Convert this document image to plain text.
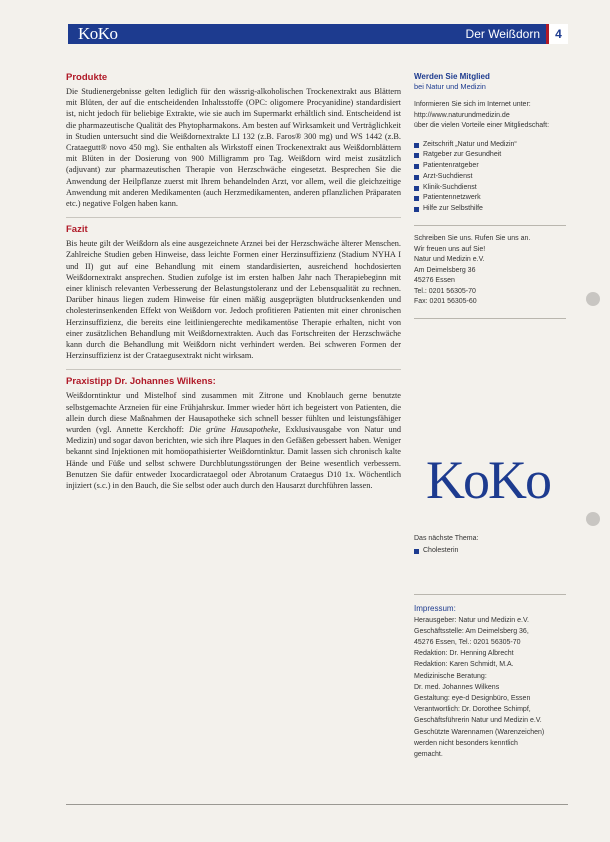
KoKo	Der Weißdorn	4
Produkte

Die Studienergebnisse gelten lediglich für den wässrig-alkoholischen Trockenextrakt aus Blättern mit Blüten, der auf die entscheidenden Inhaltsstoffe (OPC: oligomere Procyanidine) standardisiert ist, nicht jedoch für beliebige Extrakte, wie sie auch im Supermarkt erhältlich sind. Entscheidend ist die pharmazeutische Qualität des Phytopharmakons. Am besten auf Wirksamkeit und Verträglichkeit in Studien untersucht sind die Weißdornextrakte LI 132 (z.B. Faros® 300 mg) und WS 1442 (z.B. Crataegutt® novo 450 mg). Sie enthalten als Wirkstoff einen Trockenextrakt aus Weißdornblättern mit Blüten in der Dosierung von 900 Milligramm pro Tag. Weißdorn wird meist zusätzlich (adjuvant) zur pharmazeutischen Therapie von Herzschwäche eingesetzt. Besprechen Sie die Anwendung der Heilpflanze zuerst mit Ihrem behandelnden Arzt, vor allem, weil die gleichzeitige Anwendung mit anderen Medikamenten (auch Herzmedikamenten, anderen pflanzlichen Präparaten etc.) negative Folgen haben kann.

Fazit

Bis heute gilt der Weißdorn als eine ausgezeichnete Arznei bei der Herzschwäche älterer Menschen. Zahlreiche Studien geben Hinweise, dass leichte Formen einer Herzinsuffizienz (Stadium NYHA I und II) gut auf eine Behandlung mit einem standardisierten, ausreichend hochdosierten Weißdornextrakt ansprechen. Studien zufolge ist im ersten halben Jahr nach Therapiebeginn mit einer klinisch relevanten Verbesserung der Belastungstoleranz und der Lebensqualität zu rechnen. Darüber hinaus liegen zudem Hinweise für einen mäßig ausgeprägten blutdrucksenkenden und cholesterinsenkenden Effekt von Weißdorn vor. Jedoch profitieren Patienten mit einer chronischen Herzinsuffizienz, die bereits eine leitliniengerechte medikamentöse Therapie erhalten, nicht von einer zusätzlichen Behandlung mit Weißdornextrakten. Auch das Fortschreiten der Herzschwäche kann durch die Behandlung mit Weißdorn nicht verhindert werden. Bei schweren Formen der Herzinsuffizienz ist der Crataegusextrakt nicht wirksam.

Praxistipp Dr. Johannes Wilkens:

Weißdorntinktur und Mistelhof sind zusammen mit Zitrone und Knoblauch gerne benutzte selbstgemachte Arzneien für eine Frühjahrskur. Immer wieder hört ich begeistert von Patienten, die allein durch diese Maßnahmen der Hausapotheke sich schnell besser fühlten und leistungsfähiger wurden (vgl. Annette Kerckhoff: Die grüne Hausapotheke, Exklusivausgabe von Natur und Medizin) und sogar davon berichten, wie sich ihre Plaques in den Gefäßen gebessert haben. Weniger bekannt sind Injektionen mit homöopathisierter Weißdorntinktur. Damit lassen sich chronisch kalte Hände und Füße und selbst schwere Durchblutungsstörungen der Beine wesentlich verbessern. Benutzen Sie dafür entweder Ixocardicrataegol oder Abrotanum Crataegus D10 1x. Wöchentlich injiziert (s.c.) in den Bauch, die Sie selbst oder auch durch den Hausarzt durchführen lassen.

Werden Sie Mitglied

bei Natur und Medizin

Informieren Sie sich im Internet unter:

http://www.naturundmedizin.de

über die vielen Vorteile einer Mitgliedschaft:

Zeitschrift „Natur und Medizin“
Ratgeber zur Gesundheit
Patientenratgeber
Arzt-Suchdienst
Klinik-Suchdienst
Patientennetzwerk
Hilfe zur Selbsthilfe

Schreiben Sie uns. Rufen Sie uns an.

Wir freuen uns auf Sie!

Natur und Medizin e.V.

Am Deimelsberg 36

45276 Essen

Tel.: 0201 56305-70

Fax: 0201 56305-60

KoKo

Das nächste Thema:

Cholesterin

Impressum:

Herausgeber: Natur und Medizin e.V.

Geschäftsstelle: Am Deimelsberg 36,

45276 Essen, Tel.: 0201 56305-70

Redaktion: Dr. Henning Albrecht

Redaktion: Karen Schmidt, M.A.

Medizinische Beratung:

Dr. med. Johannes Wilkens

Gestaltung: eye-d Designbüro, Essen

Verantwortlich: Dr. Dorothee Schimpf,

Geschäftsführerin Natur und Medizin e.V.

Geschützte Warennamen (Warenzeichen) werden nicht besonders kenntlich

gemacht.
